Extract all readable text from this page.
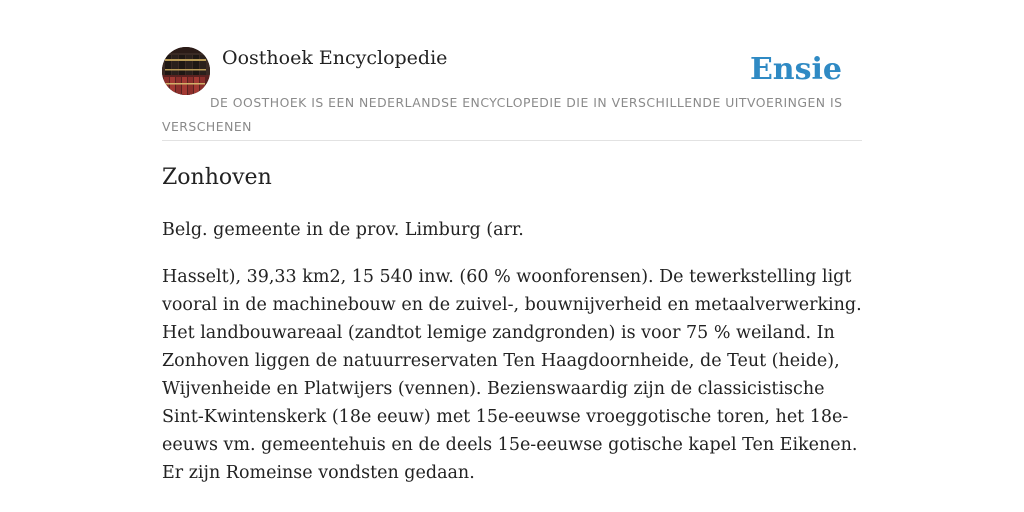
Oosthoek Encyclopedie	Ensie
DE OOSTHOEK IS EEN NEDERLANDSE ENCYCLOPEDIE DIE IN VERSCHILLENDE UITVOERINGEN IS VERSCHENEN
Zonhoven

Belg. gemeente in de prov. Limburg (arr.

Hasselt), 39,33 km2, 15 540 inw. (60 % woonforensen). De tewerkstelling ligt vooral in de machinebouw en de zuivel-, bouwnijverheid en metaalverwerking. Het landbouwareaal (zandtot lemige zandgronden) is voor 75 % weiland. In Zonhoven liggen de natuurreservaten Ten Haagdoornheide, de Teut (heide), Wijvenheide en Platwijers (vennen). Bezienswaardig zijn de classicistische Sint-Kwintenskerk (18e eeuw) met 15e-eeuwse vroeggotische toren, het 18e-eeuws vm. gemeentehuis en de deels 15e-eeuwse gotische kapel Ten Eikenen. Er zijn Romeinse vondsten gedaan.
